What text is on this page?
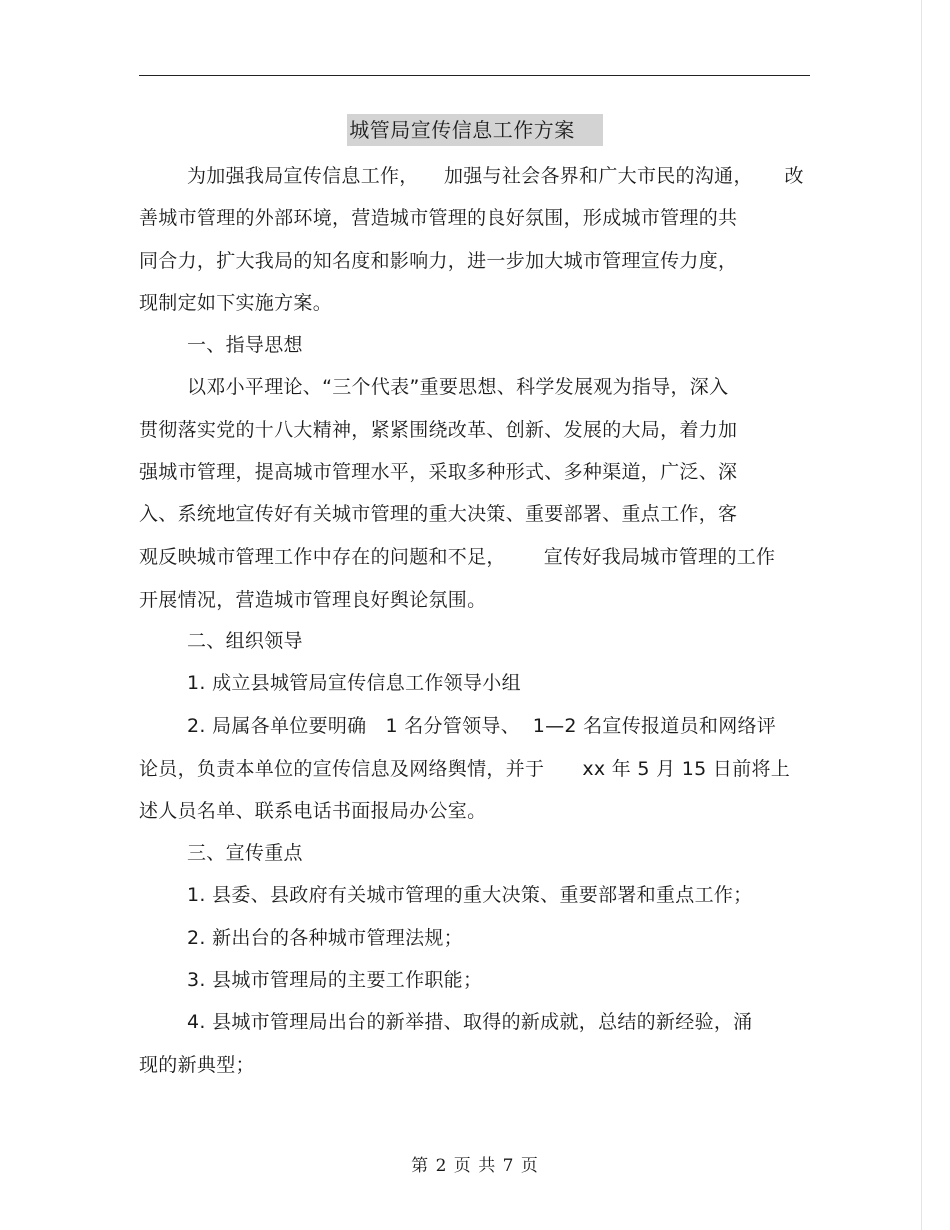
城管局宣传信息工作方案
为加强我局宣传信息工作，    加强与社会各界和广大市民的沟通，     改
善城市管理的外部环境，营造城市管理的良好氛围，形成城市管理的共
同合力，扩大我局的知名度和影响力，进一步加大城市管理宣传力度，
现制定如下实施方案。
一、指导思想
以邓小平理论、“三个代表”重要思想、科学发展观为指导，深入
贯彻落实党的十八大精神，紧紧围绕改革、创新、发展的大局，着力加
强城市管理，提高城市管理水平，采取多种形式、多种渠道，广泛、深
入、系统地宣传好有关城市管理的重大决策、重要部署、重点工作，客
观反映城市管理工作中存在的问题和不足，      宣传好我局城市管理的工作
开展情况，营造城市管理良好舆论氛围。
二、组织领导
1. 成立县城管局宣传信息工作领导小组
2. 局属各单位要明确   1 名分管领导、  1—2 名宣传报道员和网络评
论员，负责本单位的宣传信息及网络舆情，并于      xx 年 5 月 15 日前将上
述人员名单、联系电话书面报局办公室。
三、宣传重点
1. 县委、县政府有关城市管理的重大决策、重要部署和重点工作；
2. 新出台的各种城市管理法规；
3. 县城市管理局的主要工作职能；
4. 县城市管理局出台的新举措、取得的新成就，总结的新经验，涌
现的新典型；
第 2 页 共 7 页
